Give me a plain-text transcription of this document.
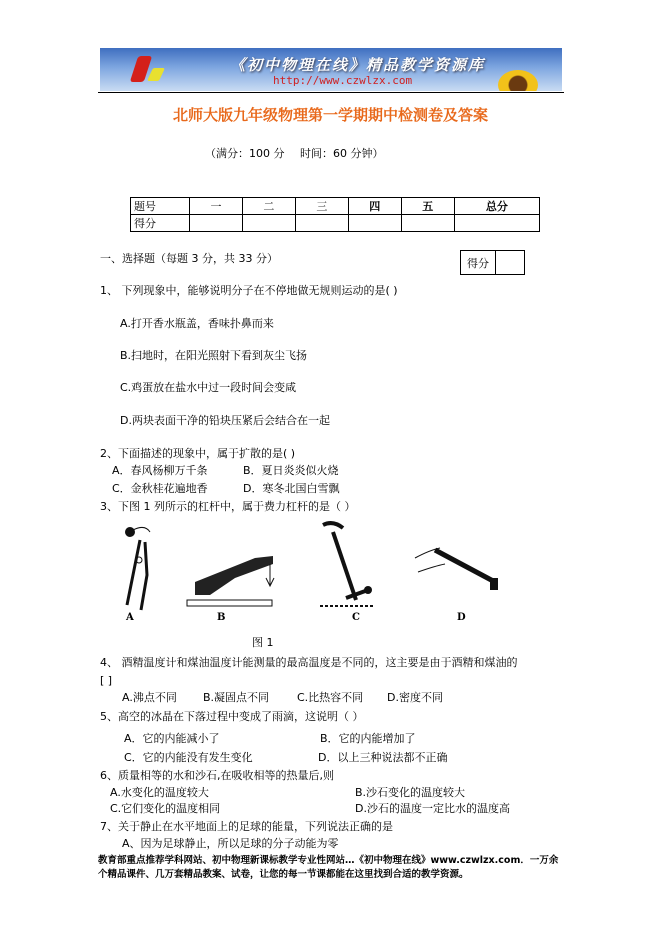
《初中物理在线》精品教学资源库
http://www.czwlzx.com
北师大版九年级物理第一学期期中检测卷及答案
（满分：100 分 时间：60 分钟）
题号	一	二	三	四	五	总分
得分						
一、选择题（每题 3 分，共 33 分）	得分	
1、 下列现象中，能够说明分子在不停地做无规则运动的是( )
A.打开香水瓶盖，香味扑鼻而来
B.扫地时，在阳光照射下看到灰尘飞扬
C.鸡蛋放在盐水中过一段时间会变咸
D.两块表面干净的铅块压紧后会结合在一起
2、下面描述的现象中，属于扩散的是( )
A．春风杨柳万千条	B．夏日炎炎似火烧
C．金秋桂花遍地香	D．寒冬北国白雪飘
3、下图 1 列所示的杠杆中，属于费力杠杆的是（ ）
A	B	C	D
图 1
4、 酒精温度计和煤油温度计能测量的最高温度是不同的，这主要是由于酒精和煤油的
[ ]
A.沸点不同 B.凝固点不同	C.比热容不同 D.密度不同
5、高空的冰晶在下落过程中变成了雨滴，这说明（ ）
A．它的内能减小了	B．它的内能增加了
C．它的内能没有发生变化	D．以上三种说法都不正确
6、质量相等的水和沙石,在吸收相等的热量后,则
A.水变化的温度较大	B.沙石变化的温度较大
C.它们变化的温度相同	D.沙石的温度一定比水的温度高
7、关于静止在水平地面上的足球的能量，下列说法正确的是
A、因为足球静止，所以足球的分子动能为零
教育部重点推荐学科网站、初中物理新课标教学专业性网站…《初中物理在线》www.czwlzx.com．一万余
个精品课件、几万套精品教案、试卷，让您的每一节课都能在这里找到合适的教学资源。
